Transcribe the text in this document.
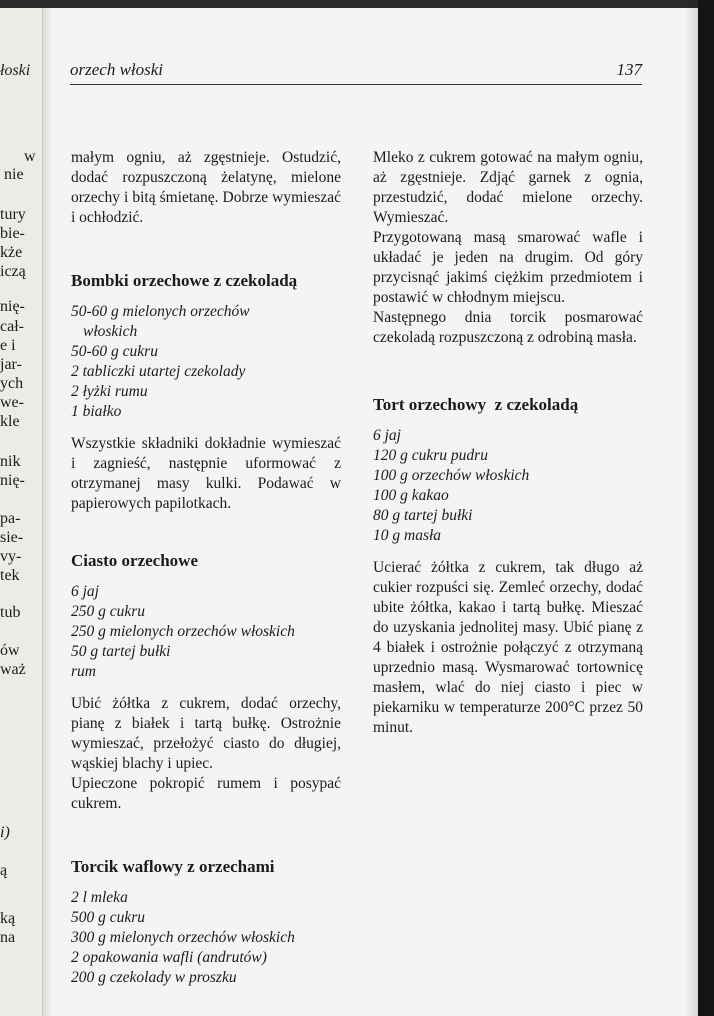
łoski
w
nie
tury
bie-
kże
iczą
nię-
cał-
e i
jar-
ych
we-
kle
nik
nię-
pa-
sie-
vy-
tek
tub
ów
waż
i)
ą
ką
na
orzech włoski	137

małym ogniu, aż zgęstnieje. Ostudzić, dodać rozpuszczoną żelatynę, mielone orzechy i bitą śmietanę. Dobrze wymieszać i ochłodzić.

Bombki orzechowe z czekoladą

50-60 g mielonych orzechów

włoskich

50-60 g cukru

2 tabliczki utartej czekolady

2 łyżki rumu

1 białko

Wszystkie składniki dokładnie wymieszać i zagnieść, następnie uformować z otrzymanej masy kulki. Podawać w papierowych papilotkach.

Ciasto orzechowe

6 jaj

250 g cukru

250 g mielonych orzechów włoskich

50 g tartej bułki

rum

Ubić żółtka z cukrem, dodać orzechy, pianę z białek i tartą bułkę. Ostrożnie wymieszać, przełożyć ciasto do długiej, wąskiej blachy i upiec.

Upieczone pokropić rumem i posypać cukrem.

Torcik waflowy z orzechami

2 l mleka

500 g cukru

300 g mielonych orzechów włoskich

2 opakowania wafli (andrutów)

200 g czekolady w proszku

Mleko z cukrem gotować na małym ogniu, aż zgęstnieje. Zdjąć garnek z ognia, przestudzić, dodać mielone orzechy. Wymieszać.

Przygotowaną masą smarować wafle i układać je jeden na drugim. Od góry przycisnąć jakimś ciężkim przedmiotem i postawić w chłodnym miejscu.

Następnego dnia torcik posmarować czekoladą rozpuszczoną z odrobiną masła.

Tort orzechowy  z czekoladą

6 jaj

120 g cukru pudru

100 g orzechów włoskich

100 g kakao

80 g tartej bułki

10 g masła

Ucierać żółtka z cukrem, tak długo aż cukier rozpuści się. Zemleć orzechy, dodać ubite żółtka, kakao i tartą bułkę. Mieszać do uzyskania jednolitej masy. Ubić pianę z 4 białek i ostrożnie połączyć z otrzymaną uprzednio masą. Wysmarować tortownicę masłem, wlać do niej ciasto i piec w piekarniku w temperaturze 200°C przez 50 minut.
